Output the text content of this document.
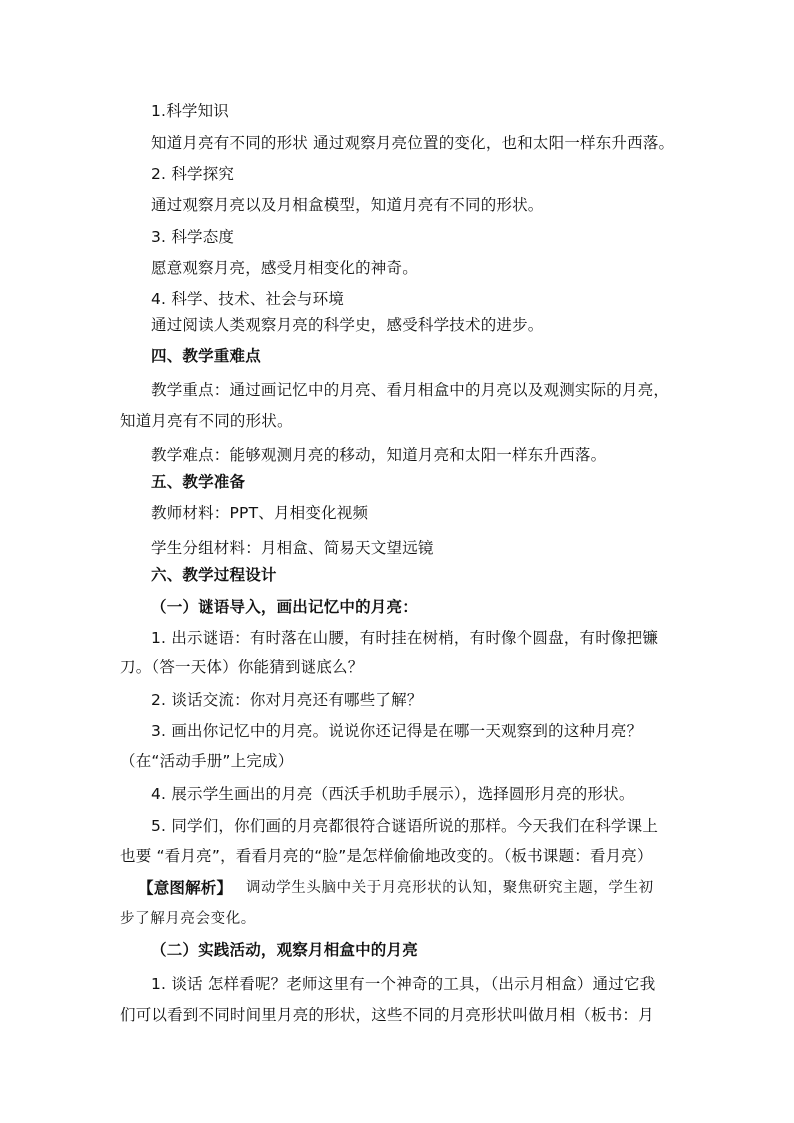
1.科学知识
知道月亮有不同的形状 通过观察月亮位置的变化，也和太阳一样东升西落。
2. 科学探究
通过观察月亮以及月相盒模型，知道月亮有不同的形状。
3. 科学态度
愿意观察月亮，感受月相变化的神奇。
4. 科学、技术、社会与环境
通过阅读人类观察月亮的科学史，感受科学技术的进步。
四、教学重难点
教学重点：通过画记忆中的月亮、看月相盒中的月亮以及观测实际的月亮，
知道月亮有不同的形状。
教学难点：能够观测月亮的移动，知道月亮和太阳一样东升西落。
五、教学准备
教师材料：PPT、月相变化视频
学生分组材料：月相盒、简易天文望远镜
六、教学过程设计
（一）谜语导入，画出记忆中的月亮：
1. 出示谜语：有时落在山腰，有时挂在树梢，有时像个圆盘，有时像把镰
刀。（答一天体）你能猜到谜底么？
2. 谈话交流：你对月亮还有哪些了解？
3. 画出你记忆中的月亮。说说你还记得是在哪一天观察到的这种月亮？
（在“活动手册”上完成）
4. 展示学生画出的月亮（西沃手机助手展示），选择圆形月亮的形状。
5. 同学们，你们画的月亮都很符合谜语所说的那样。今天我们在科学课上
也要 “看月亮”，看看月亮的“脸”是怎样偷偷地改变的。（板书课题：看月亮）
【意图解析】 调动学生头脑中关于月亮形状的认知，聚焦研究主题，学生初
步了解月亮会变化。
（二）实践活动，观察月相盒中的月亮
1. 谈话 怎样看呢？老师这里有一个神奇的工具，（出示月相盒）通过它我
们可以看到不同时间里月亮的形状，这些不同的月亮形状叫做月相（板书：月
